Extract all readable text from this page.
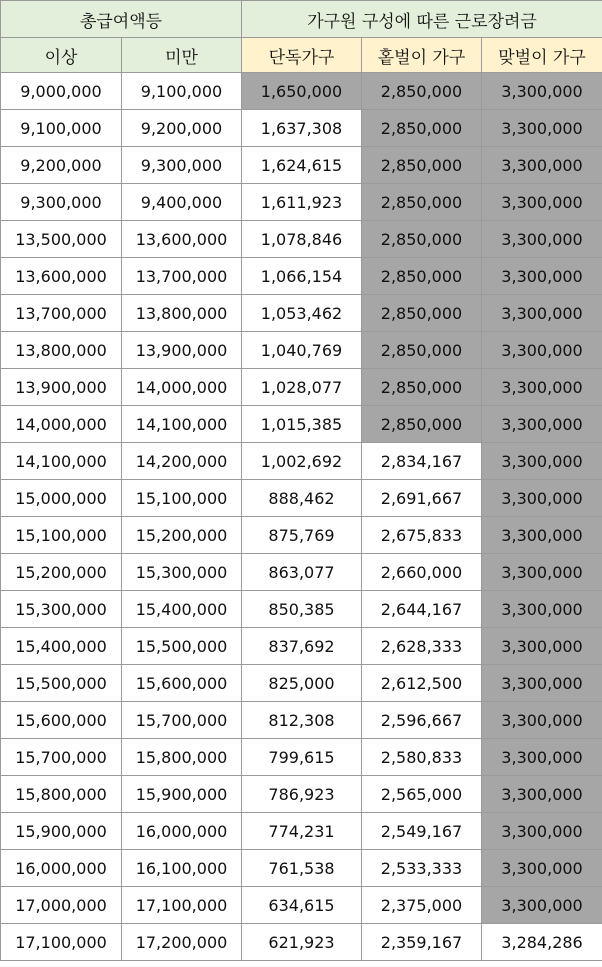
총급여액등		가구원 구성에 따른 근로장려금		
이상	미만	단독가구	홑벌이 가구	맞벌이 가구
9,000,000	9,100,000	1,650,000	2,850,000	3,300,000
9,100,000	9,200,000	1,637,308	2,850,000	3,300,000
9,200,000	9,300,000	1,624,615	2,850,000	3,300,000
9,300,000	9,400,000	1,611,923	2,850,000	3,300,000
13,500,000	13,600,000	1,078,846	2,850,000	3,300,000
13,600,000	13,700,000	1,066,154	2,850,000	3,300,000
13,700,000	13,800,000	1,053,462	2,850,000	3,300,000
13,800,000	13,900,000	1,040,769	2,850,000	3,300,000
13,900,000	14,000,000	1,028,077	2,850,000	3,300,000
14,000,000	14,100,000	1,015,385	2,850,000	3,300,000
14,100,000	14,200,000	1,002,692	2,834,167	3,300,000
15,000,000	15,100,000	888,462	2,691,667	3,300,000
15,100,000	15,200,000	875,769	2,675,833	3,300,000
15,200,000	15,300,000	863,077	2,660,000	3,300,000
15,300,000	15,400,000	850,385	2,644,167	3,300,000
15,400,000	15,500,000	837,692	2,628,333	3,300,000
15,500,000	15,600,000	825,000	2,612,500	3,300,000
15,600,000	15,700,000	812,308	2,596,667	3,300,000
15,700,000	15,800,000	799,615	2,580,833	3,300,000
15,800,000	15,900,000	786,923	2,565,000	3,300,000
15,900,000	16,000,000	774,231	2,549,167	3,300,000
16,000,000	16,100,000	761,538	2,533,333	3,300,000
17,000,000	17,100,000	634,615	2,375,000	3,300,000
17,100,000	17,200,000	621,923	2,359,167	3,284,286
